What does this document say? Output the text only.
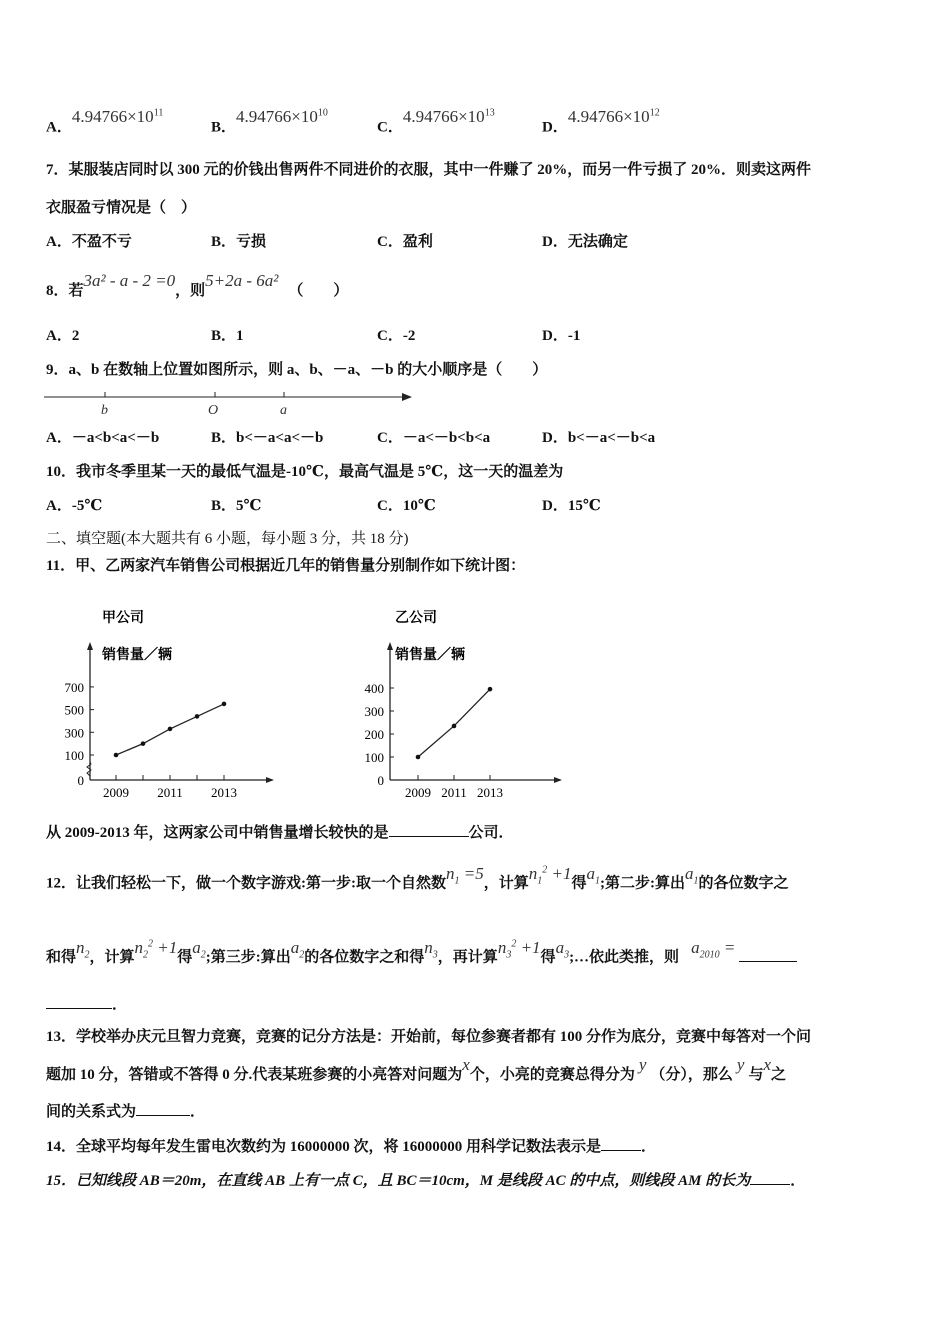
A．$4.94766\times 10^{11}$
B．$4.94766\times 10^{10}$
C．$4.94766\times 10^{13}$
D．$4.94766\times 10^{12}$
7．某服装店同时以 300 元的价钱出售两件不同进价的衣服，其中一件赚了 20%，而另一件亏损了 20%．则卖这两件
衣服盈亏情况是（　）
A．不盈不亏	B．亏损	C．盈利	D．无法确定
8．若3a² - a - 2 =0，则5+2a - 6a²（　　）
A．2	B．1	C．-2	D．-1
9．a、b 在数轴上位置如图所示，则 a、b、－a、－b 的大小顺序是（　　）
b	O	a
A．－a<b<a<－b	B．b<－a<a<－b	C．－a<－b<b<a	D．b<－a<－b<a
10．我市冬季里某一天的最低气温是-10℃，最高气温是 5℃，这一天的温差为
A．-5℃	B．5℃	C．10℃	D．15℃
二、填空题(本大题共有 6 小题，每小题 3 分，共 18 分)
11．甲、乙两家汽车销售公司根据近几年的销售量分别制作如下统计图：
甲公司
销售量／辆
0
100
300
500
700
2009 2011 2013
乙公司
销售量／辆
0
100
200
300
400
2009 2011 2013
从 2009-2013 年，这两家公司中销售量增长较快的是	公司．
12．让我们轻松一下，做一个数字游戏:第一步:取一个自然数$n_1 =5$，计算$n_1^2 +1$得$a_1$;第二步:算出$a_1$的各位数字之
和得$n_2$，计算$n_2^2 +1$得$a_2$;第三步:算出$a_2$的各位数字之和得$n_3$，再计算$n_3^2 +1$得$a_3;\dots$依此类推，则$a_{2010}$ =
．
13．学校举办庆元旦智力竞赛，竞赛的记分方法是：开始前，每位参赛者都有 100 分作为底分，竞赛中每答对一个问
题加 10 分，答错或不答得 0 分.代表某班参赛的小亮答对问题为x个，小亮的竞赛总得分为y（分），那么y与x之
间的关系式为	．
14．全球平均每年发生雷电次数约为 16000000 次，将 16000000 用科学记数法表示是	．
15．已知线段 AB＝20m，在直线 AB 上有一点 C，且 BC＝10cm，M 是线段 AC 的中点，则线段 AM 的长为	．
